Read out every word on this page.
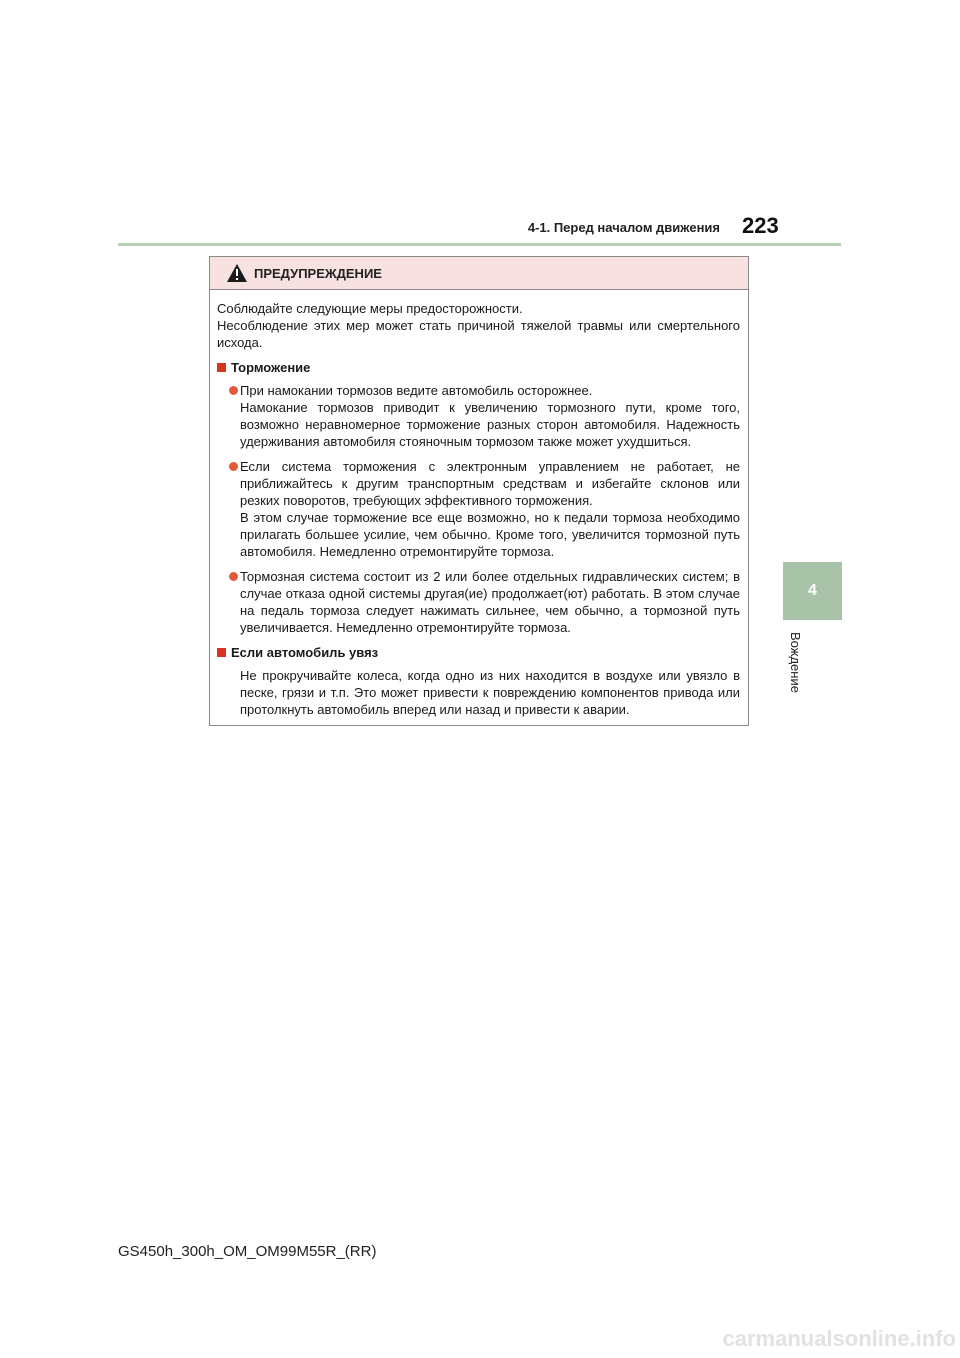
4-1. Перед началом движения 223
4
Вождение
ПРЕДУПРЕЖДЕНИЕ

Соблюдайте следующие меры предосторожности.

Несоблюдение этих мер может стать причиной тяжелой травмы или смертельного исхода.

Торможение

При намокании тормозов ведите автомобиль осторожнее.

Намокание тормозов приводит к увеличению тормозного пути, кроме того, возможно неравномерное торможение разных сторон автомобиля. Надежность удерживания автомобиля стояночным тормозом также может ухудшиться.

Если система торможения с электронным управлением не работает, не приближайтесь к другим транспортным средствам и избегайте склонов или резких поворотов, требующих эффективного торможения.

В этом случае торможение все еще возможно, но к педали тормоза необходимо прилагать большее усилие, чем обычно. Кроме того, увеличится тормозной путь автомобиля. Немедленно отремонтируйте тормоза.

Тормозная система состоит из 2 или более отдельных гидравлических систем; в случае отказа одной системы другая(ие) продолжает(ют) работать. В этом случае на педаль тормоза следует нажимать сильнее, чем обычно, а тормозной путь увеличивается. Немедленно отремонтируйте тормоза.

Если автомобиль увяз

Не прокручивайте колеса, когда одно из них находится в воздухе или увязло в песке, грязи и т.п. Это может привести к повреждению компонентов привода или протолкнуть автомобиль вперед или назад и привести к аварии.

GS450h_300h_OM_OM99M55R_(RR)
carmanualsonline.info
